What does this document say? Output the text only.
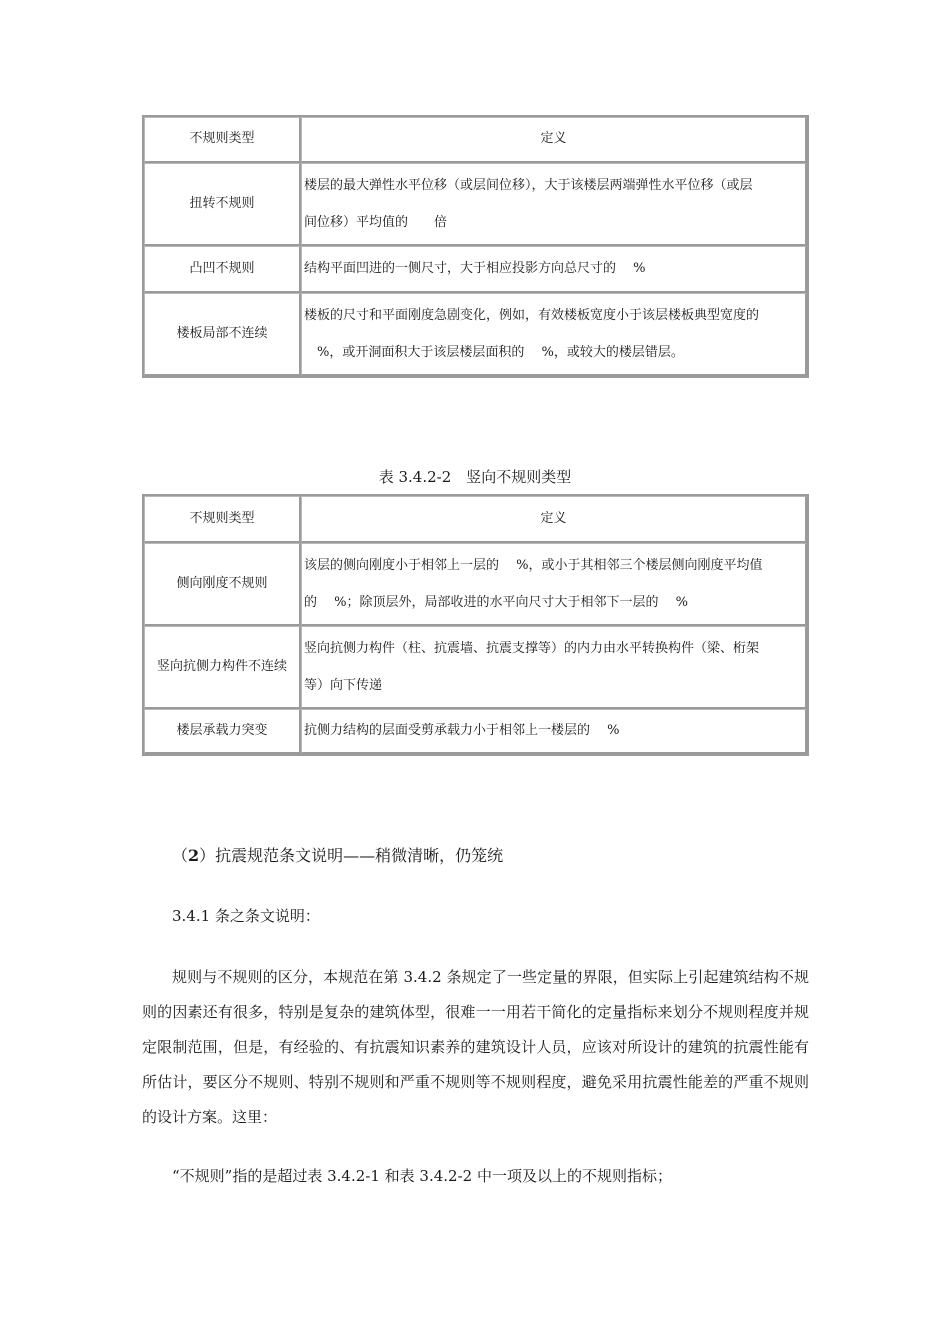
不规则类型	定义
扭转不规则	楼层的最大弹性水平位移（或层间位移），大于该楼层两端弹性水平位移（或层
间位移）平均值的　　倍
凸凹不规则	结构平面凹进的一侧尺寸，大于相应投影方向总尺寸的　 %
楼板局部不连续	楼板的尺寸和平面刚度急剧变化，例如，有效楼板宽度小于该层楼板典型宽度的
　%，或开洞面积大于该层楼层面积的　 %，或较大的楼层错层。
表 3.4.2-2　竖向不规则类型
不规则类型	定义
侧向刚度不规则	该层的侧向刚度小于相邻上一层的　 %，或小于其相邻三个楼层侧向刚度平均值
的　 %；除顶层外，局部收进的水平向尺寸大于相邻下一层的　 %
竖向抗侧力构件不连续	竖向抗侧力构件（柱、抗震墙、抗震支撑等）的内力由水平转换构件（梁、桁架
等）向下传递
楼层承载力突变	抗侧力结构的层面受剪承载力小于相邻上一楼层的　 %
（2）抗震规范条文说明——稍微清晰，仍笼统
3.4.1 条之条文说明：

规则与不规则的区分，本规范在第 3.4.2 条规定了一些定量的界限，但实际上引起建筑结构不规则的因素还有很多，特别是复杂的建筑体型，很难一一用若干简化的定量指标来划分不规则程度并规定限制范围，但是，有经验的、有抗震知识素养的建筑设计人员，应该对所设计的建筑的抗震性能有所估计，要区分不规则、特别不规则和严重不规则等不规则程度，避免采用抗震性能差的严重不规则的设计方案。这里：

“不规则”指的是超过表 3.4.2-1 和表 3.4.2-2 中一项及以上的不规则指标；
